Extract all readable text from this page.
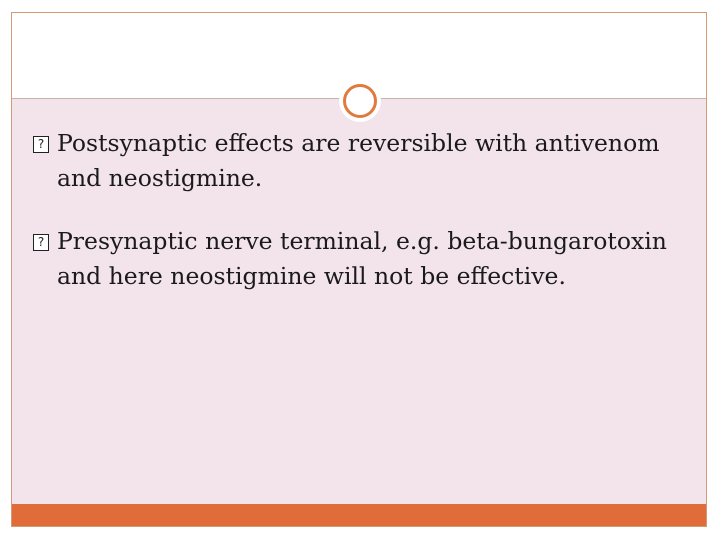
?
Postsynaptic effects are reversible with antivenom and neostigmine.
?
Presynaptic nerve terminal, e.g. beta-bungarotoxin and here neostigmine will not be effective.
